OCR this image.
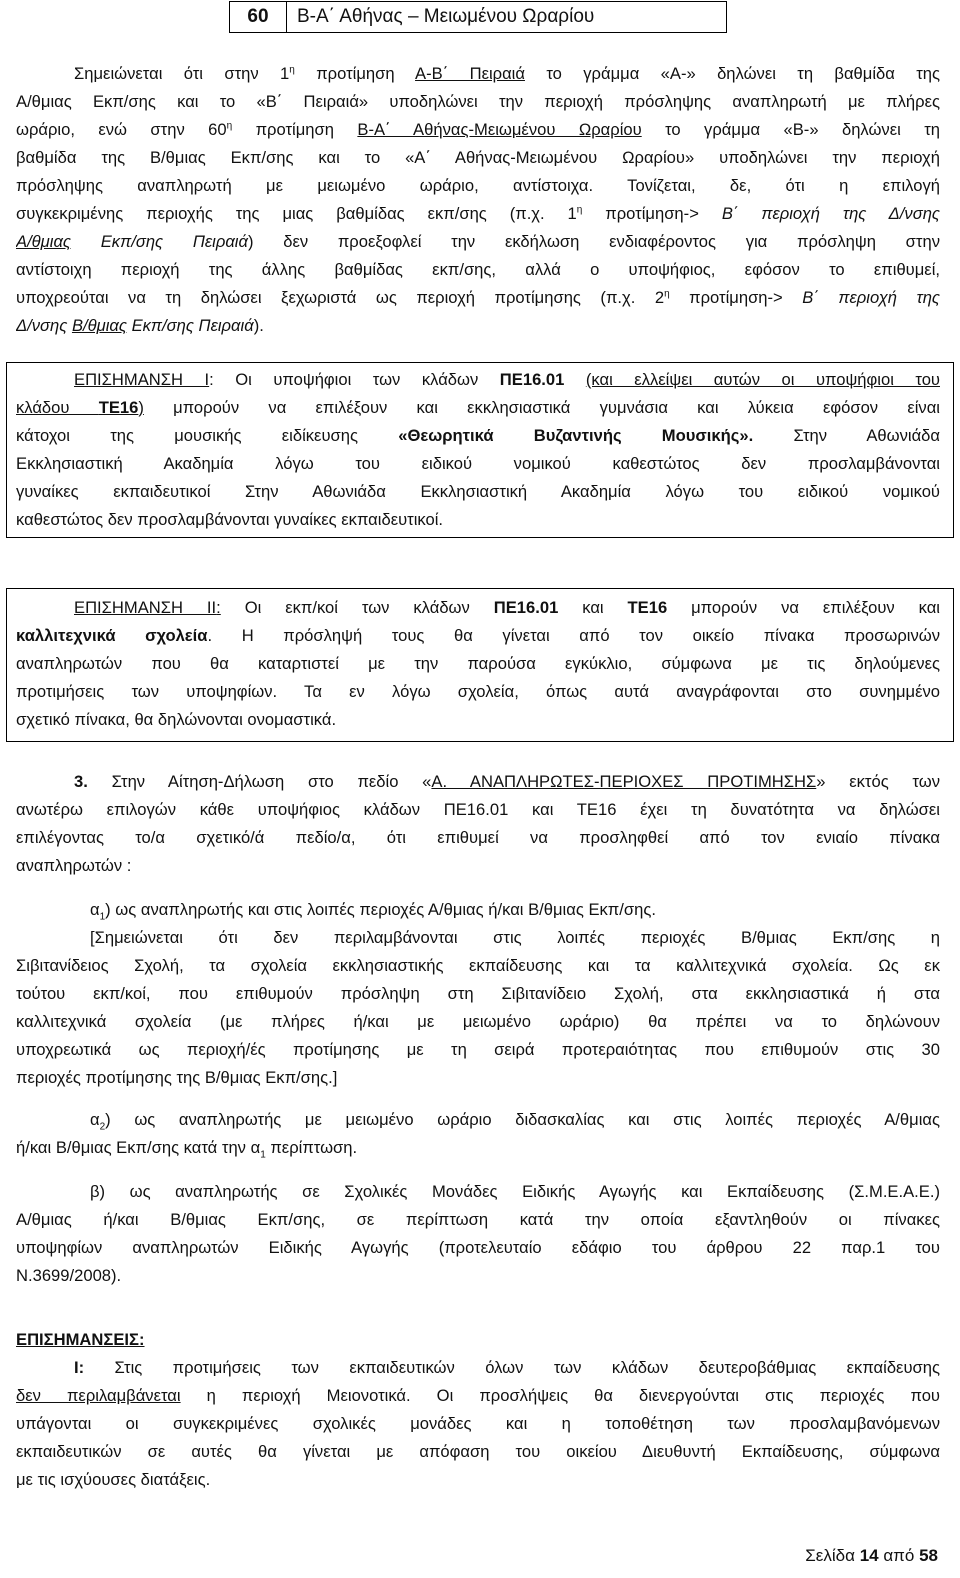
60	Β-Α΄ Αθήνας – Μειωμένου Ωραρίου
Σημειώνεται ότι στην $1^\eta$ προτίμηση Α-Β΄ Πειραιά το γράμμα «Α-» δηλώνει τη βαθμίδα της
Α/θμιας Εκπ/σης και το «Β΄ Πειραιά» υποδηλώνει την περιοχή πρόσληψης αναπληρωτή με πλήρες
ωράριο, ενώ στην $60^\eta$ προτίμηση Β-Α΄ Αθήνας-Μειωμένου Ωραρίου το γράμμα «Β-» δηλώνει τη
βαθμίδα της Β/θμιας Εκπ/σης και το «Α΄ Αθήνας-Μειωμένου Ωραρίου» υποδηλώνει την περιοχή
πρόσληψης αναπληρωτή με μειωμένο ωράριο, αντίστοιχα. Τονίζεται, δε, ότι η επιλογή
συγκεκριμένης περιοχής της μιας βαθμίδας εκπ/σης (π.χ. $1^\eta$ προτίμηση-> Β΄ περιοχή της Δ/νσης
Α/θμιας Εκπ/σης Πειραιά) δεν προεξοφλεί την εκδήλωση ενδιαφέροντος για πρόσληψη στην
αντίστοιχη περιοχή της άλλης βαθμίδας εκπ/σης, αλλά ο υποψήφιος, εφόσον το επιθυμεί,
υποχρεούται να τη δηλώσει ξεχωριστά ως περιοχή προτίμησης (π.χ. $2^\eta$ προτίμηση-> Β΄ περιοχή της
Δ/νσης Β/θμιας Εκπ/σης Πειραιά).
ΕΠΙΣΗΜΑΝΣΗ Ι: Οι υποψήφιοι των κλάδων ΠΕ16.01 (και ελλείψει αυτών οι υποψήφιοι του
κλάδου ΤΕ16) μπορούν να επιλέξουν και εκκλησιαστικά γυμνάσια και λύκεια εφόσον είναι
κάτοχοι της μουσικής ειδίκευσης «Θεωρητικά Βυζαντινής Μουσικής». Στην Αθωνιάδα
Εκκλησιαστική Ακαδημία λόγω του ειδικού νομικού καθεστώτος δεν προσλαμβάνονται
γυναίκες εκπαιδευτικοί Στην Αθωνιάδα Εκκλησιαστική Ακαδημία λόγω του ειδικού νομικού
καθεστώτος δεν προσλαμβάνονται γυναίκες εκπαιδευτικοί.
ΕΠΙΣΗΜΑΝΣΗ ΙΙ: Οι εκπ/κοί των κλάδων ΠΕ16.01 και ΤΕ16 μπορούν να επιλέξουν και
καλλιτεχνικά σχολεία. Η πρόσληψή τους θα γίνεται από τον οικείο πίνακα προσωρινών
αναπληρωτών που θα καταρτιστεί με την παρούσα εγκύκλιο, σύμφωνα με τις δηλούμενες
προτιμήσεις των υποψηφίων. Τα εν λόγω σχολεία, όπως αυτά αναγράφονται στο συνημμένο
σχετικό πίνακα, θα δηλώνονται ονομαστικά.
3. Στην Αίτηση-Δήλωση στο πεδίο «Α. ΑΝΑΠΛΗΡΩΤΕΣ-ΠΕΡΙΟΧΕΣ ΠΡΟΤΙΜΗΣΗΣ» εκτός των
ανωτέρω επιλογών κάθε υποψήφιος κλάδων ΠΕ16.01 και ΤΕ16 έχει τη δυνατότητα να δηλώσει
επιλέγοντας το/α σχετικό/ά πεδίο/α, ότι επιθυμεί να προσληφθεί από τον ενιαίο πίνακα
αναπληρωτών :
$\alpha_1$) ως αναπληρωτής και στις λοιπές περιοχές Α/θμιας ή/και Β/θμιας Εκπ/σης.
[Σημειώνεται ότι δεν περιλαμβάνονται στις λοιπές περιοχές Β/θμιας Εκπ/σης η
Σιβιτανίδειος Σχολή, τα σχολεία εκκλησιαστικής εκπαίδευσης και τα καλλιτεχνικά σχολεία. Ως εκ
τούτου εκπ/κοί, που επιθυμούν πρόσληψη στη Σιβιτανίδειο Σχολή, στα εκκλησιαστικά ή στα
καλλιτεχνικά σχολεία (με πλήρες ή/και με μειωμένο ωράριο) θα πρέπει να το δηλώνουν
υποχρεωτικά ως περιοχή/ές προτίμησης με τη σειρά προτεραιότητας που επιθυμούν στις 30
περιοχές προτίμησης της Β/θμιας Εκπ/σης.]
$\alpha_2$) ως αναπληρωτής με μειωμένο ωράριο διδασκαλίας και στις λοιπές περιοχές Α/θμιας
ή/και Β/θμιας Εκπ/σης κατά την $\alpha_1$ περίπτωση.
β) ως αναπληρωτής σε Σχολικές Μονάδες Ειδικής Αγωγής και Εκπαίδευσης (Σ.Μ.Ε.Α.Ε.)
Α/θμιας ή/και Β/θμιας Εκπ/σης, σε περίπτωση κατά την οποία εξαντληθούν οι πίνακες
υποψηφίων αναπληρωτών Ειδικής Αγωγής (προτελευταίο εδάφιο του άρθρου 22 παρ.1 του
Ν.3699/2008).
ΕΠΙΣΗΜΑΝΣΕΙΣ:
Ι: Στις προτιμήσεις των εκπαιδευτικών όλων των κλάδων δευτεροβάθμιας εκπαίδευσης
δεν περιλαμβάνεται η περιοχή Μειονοτικά. Οι προσλήψεις θα διενεργούνται στις περιοχές που
υπάγονται οι συγκεκριμένες σχολικές μονάδες και η τοποθέτηση των προσλαμβανόμενων
εκπαιδευτικών σε αυτές θα γίνεται με απόφαση του οικείου Διευθυντή Εκπαίδευσης, σύμφωνα
με τις ισχύουσες διατάξεις.
Σελίδα 14 από 58
